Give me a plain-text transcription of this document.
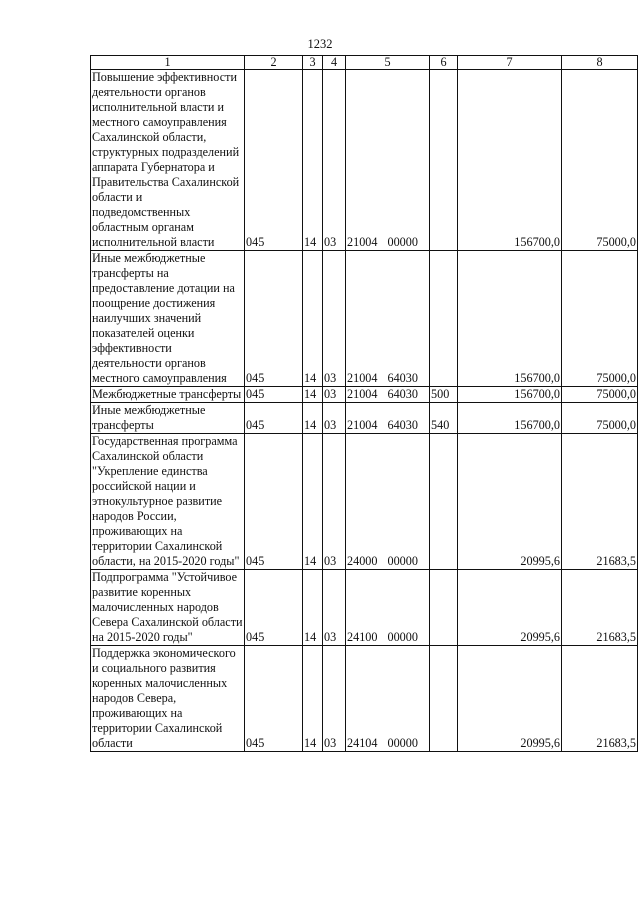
1232
1	2	3	4	5	6	7	8
Повышение эффективности деятельности органов исполнительной власти и местного самоуправления Сахалинской области, структурных подразделений аппарата Губернатора и Правительства Сахалинской области и подведомственных областным органам исполнительной власти	045	14	03	21004 00000		156700,0	75000,0
Иные межбюджетные трансферты на предоставление дотации на поощрение достижения наилучших значений показателей оценки эффективности деятельности органов местного самоуправления	045	14	03	21004 64030		156700,0	75000,0
Межбюджетные трансферты	045	14	03	21004 64030	500	156700,0	75000,0
Иные межбюджетные трансферты	045	14	03	21004 64030	540	156700,0	75000,0
Государственная программа Сахалинской области "Укрепление единства российской нации и этнокультурное развитие народов России, проживающих на территории Сахалинской области, на 2015-2020 годы"	045	14	03	24000 00000		20995,6	21683,5
Подпрограмма "Устойчивое развитие коренных малочисленных народов Севера Сахалинской области на 2015-2020 годы"	045	14	03	24100 00000		20995,6	21683,5
Поддержка экономического и социального развития коренных малочисленных народов Севера, проживающих на территории Сахалинской области	045	14	03	24104 00000		20995,6	21683,5
